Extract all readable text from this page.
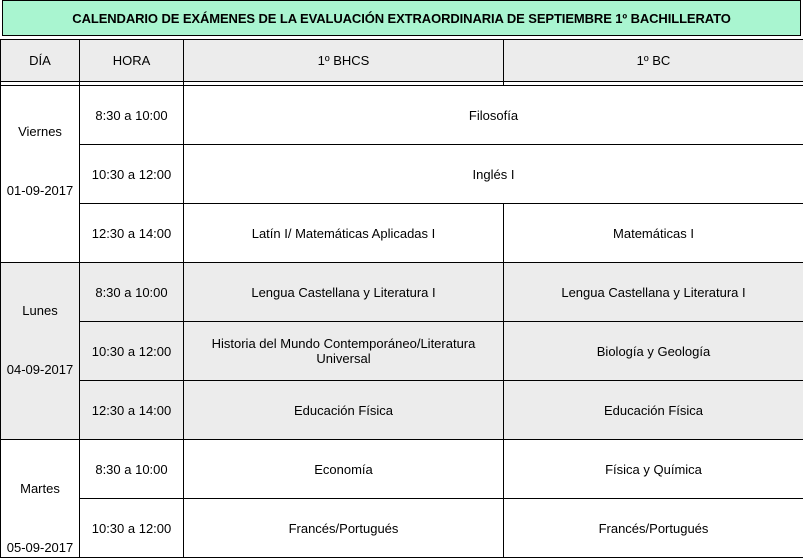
CALENDARIO DE EXÁMENES DE LA EVALUACIÓN EXTRAORDINARIA DE SEPTIEMBRE 1º BACHILLERATO
DÍA	HORA	1º BHCS	1º BC

Viernes
01-09-2017	8:30 a 10:00	Filosofía	
	10:30 a 12:00	Inglés I	
	12:30 a 14:00	Latín I/ Matemáticas Aplicadas I	Matemáticas I

Lunes
04-09-2017	8:30 a 10:00	Lengua Castellana y Literatura I	Lengua Castellana y Literatura I
	10:30 a 12:00	Historia del Mundo Contemporáneo/Literatura Universal	Biología y Geología
	12:30 a 14:00	Educación Física	Educación Física

Martes
05-09-2017	8:30 a 10:00	Economía	Física y Química
	10:30 a 12:00	Francés/Portugués	Francés/Portugués
